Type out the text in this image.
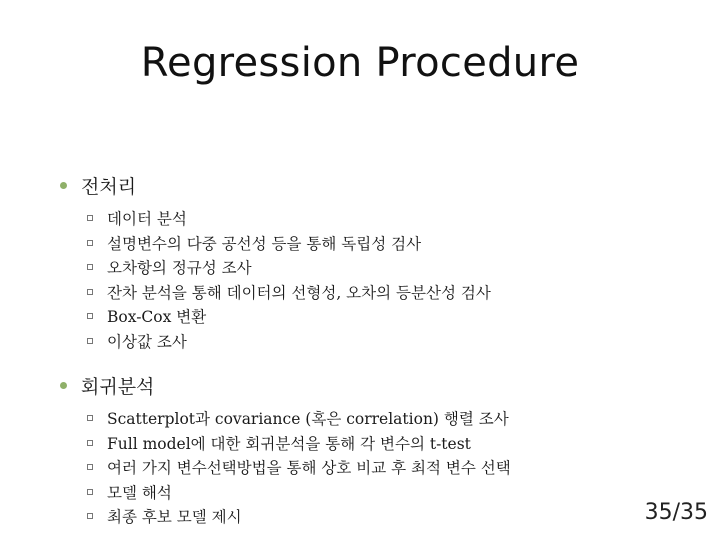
Regression Procedure
전처리
데이터 분석
설명변수의 다중 공선성 등을 통해 독립성 검사
오차항의 정규성 조사
잔차 분석을 통해 데이터의 선형성, 오차의 등분산성 검사
Box-Cox 변환
이상값 조사
회귀분석
Scatterplot과 covariance (혹은 correlation) 행렬 조사
Full model에 대한 회귀분석을 통해 각 변수의 t-test
여러 가지 변수선택방법을 통해 상호 비교 후 최적 변수 선택
모델 해석
최종 후보 모델 제시	35/35
